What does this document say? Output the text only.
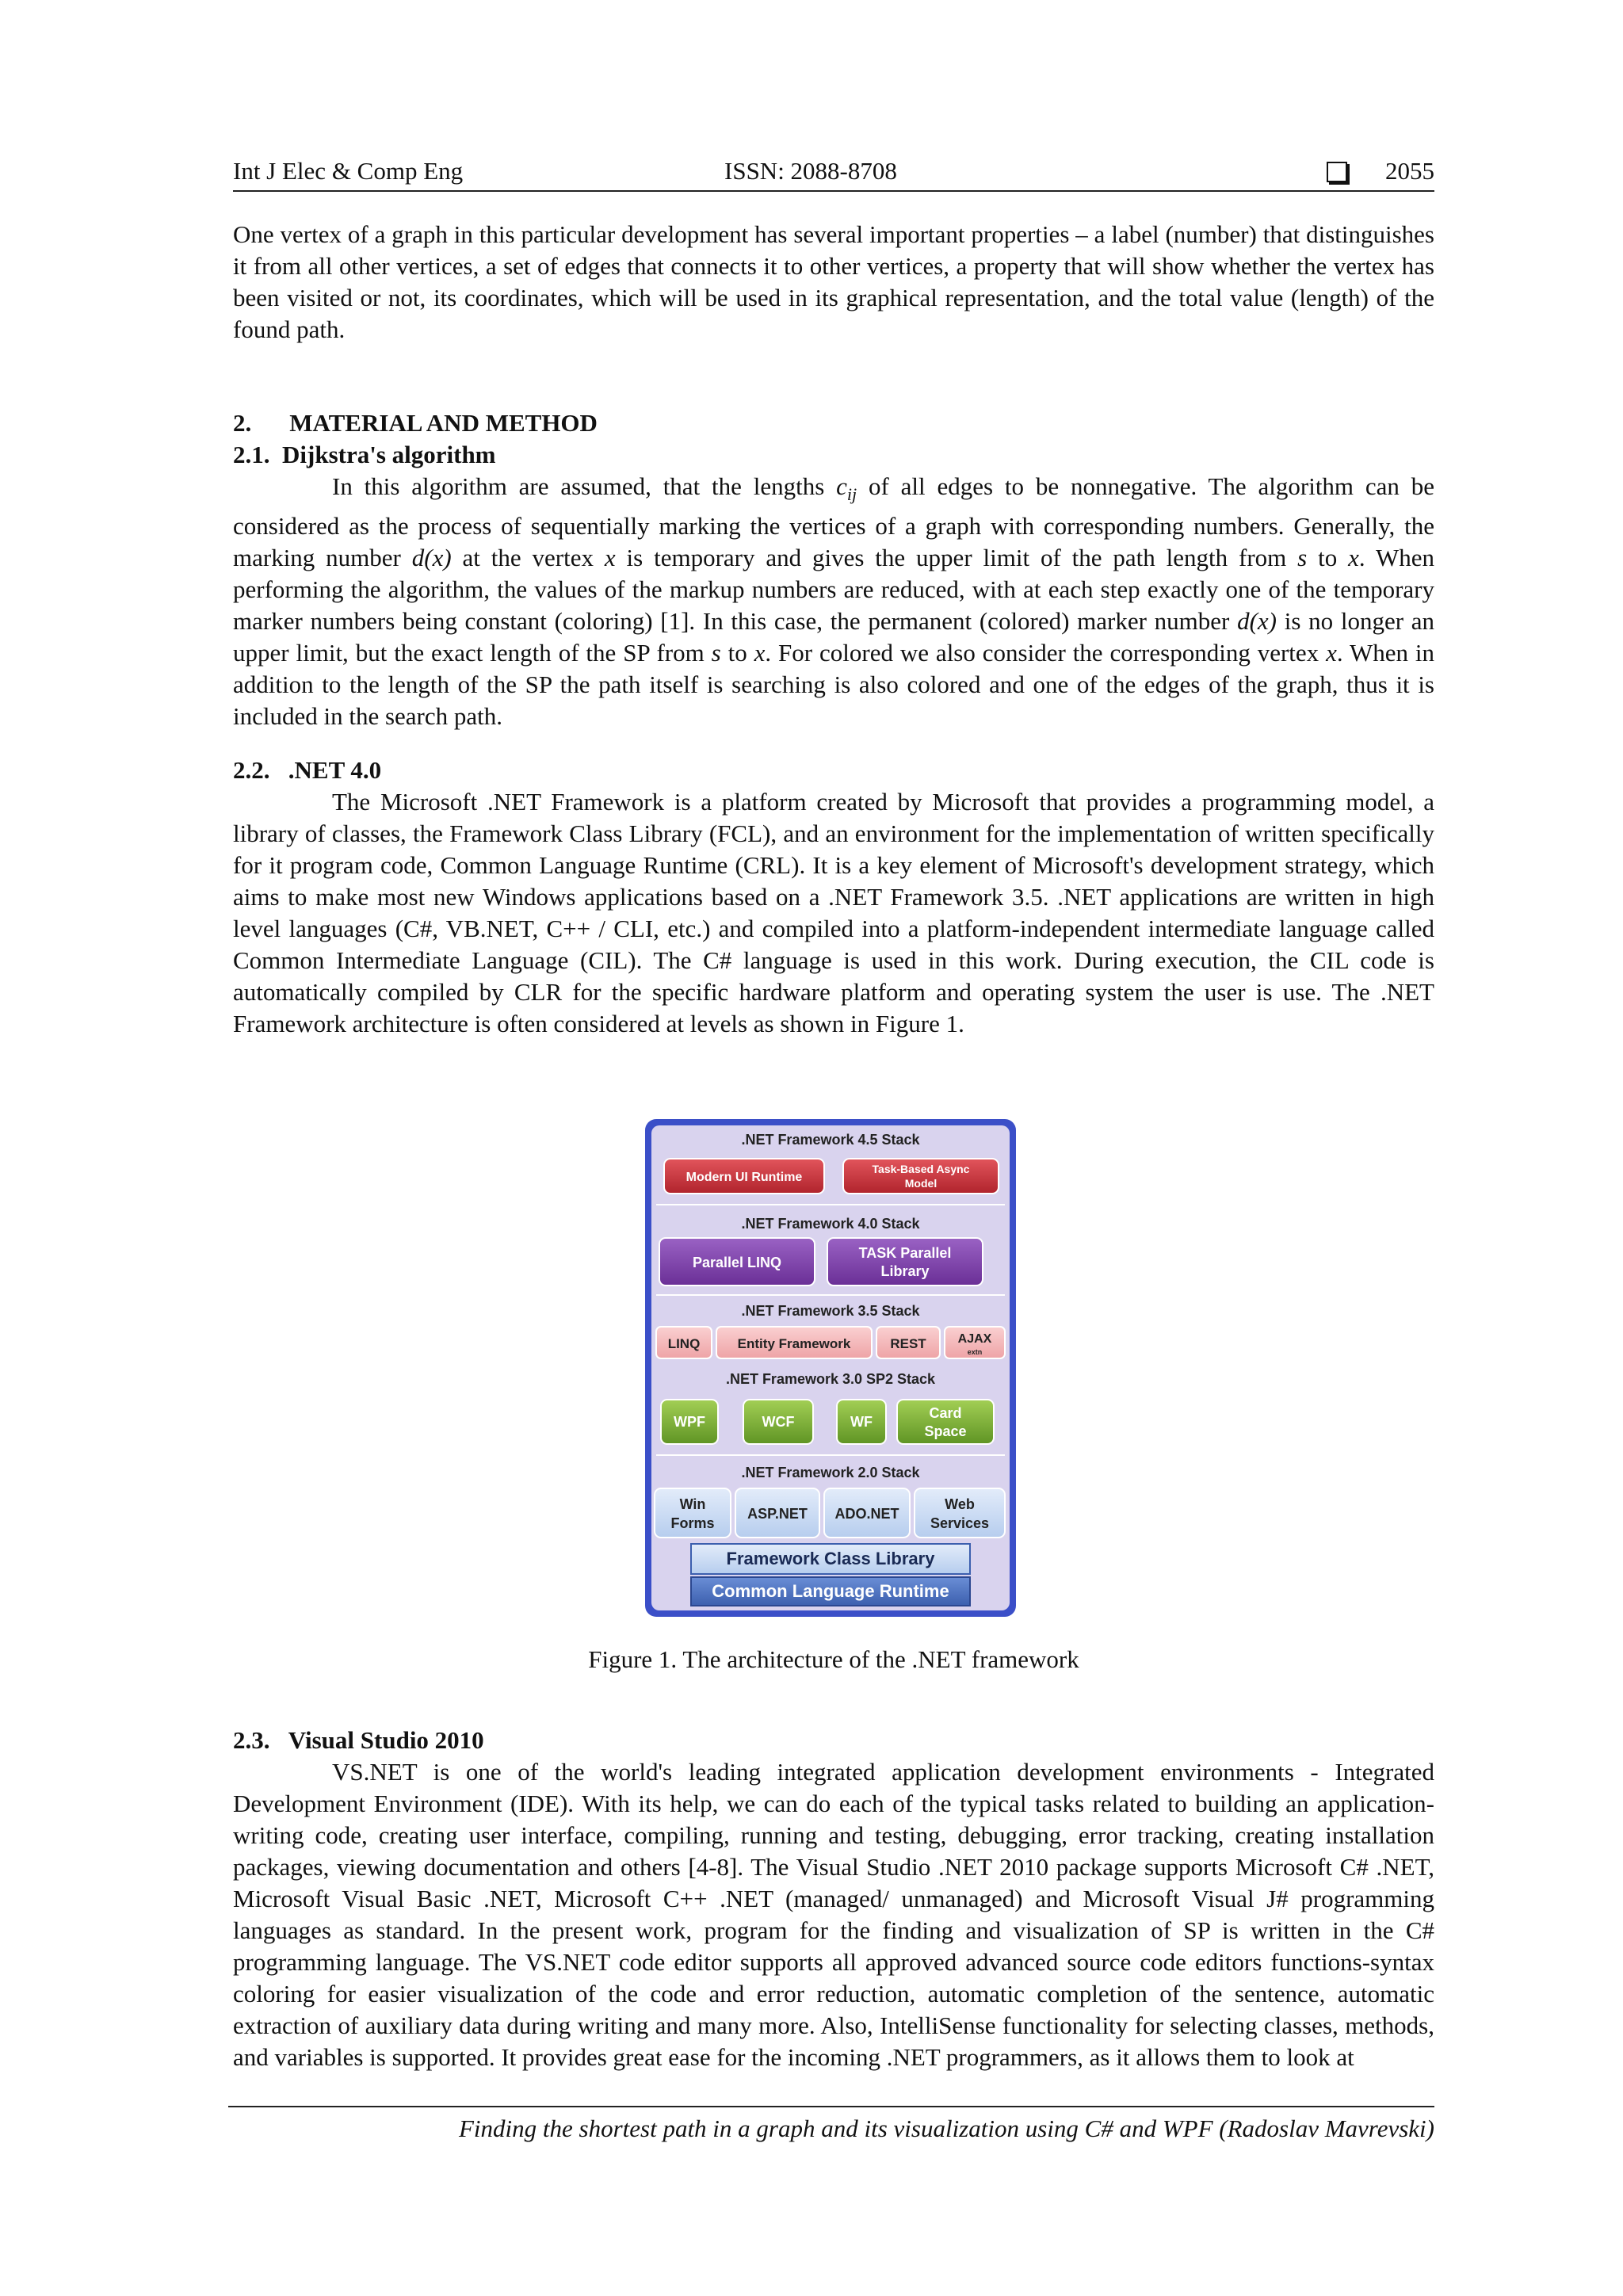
Int J Elec & Comp Eng	ISSN: 2088-8708	2055

One vertex of a graph in this particular development has several important properties – a label (number) that distinguishes it from all other vertices, a set of edges that connects it to other vertices, a property that will show whether the vertex has been visited or not, its coordinates, which will be used in its graphical representation, and the total value (length) of the found path.

2. MATERIAL AND METHOD
2.1. Dijkstra's algorithm

In this algorithm are assumed, that the lengths $c_{ij}$ of all edges to be nonnegative. The algorithm can be considered as the process of sequentially marking the vertices of a graph with corresponding numbers. Generally, the marking number d(x) at the vertex x is temporary and gives the upper limit of the path length from s to x. When performing the algorithm, the values of the markup numbers are reduced, with at each step exactly one of the temporary marker numbers being constant (coloring) [1]. In this case, the permanent (colored) marker number d(x) is no longer an upper limit, but the exact length of the SP from s to x. For colored we also consider the corresponding vertex x. When in addition to the length of the SP the path itself is searching is also colored and one of the edges of the graph, thus it is included in the search path.

2.2. .NET 4.0

The Microsoft .NET Framework is a platform created by Microsoft that provides a programming model, a library of classes, the Framework Class Library (FCL), and an environment for the implementation of written specifically for it program code, Common Language Runtime (CRL). It is a key element of Microsoft's development strategy, which aims to make most new Windows applications based on a .NET Framework 3.5. .NET applications are written in high level languages (C#, VB.NET, C++ / CLI, etc.) and compiled into a platform-independent intermediate language called Common Intermediate Language (CIL). The C# language is used in this work. During execution, the CIL code is automatically compiled by CLR for the specific hardware platform and operating system the user is use. The .NET Framework architecture is often considered at levels as shown in Figure 1.

.NET Framework 4.5 Stack
Modern UI Runtime
Task-Based Async
Model
.NET Framework 4.0 Stack
Parallel LINQ
TASK Parallel
Library
.NET Framework 3.5 Stack
LINQ	Entity Framework	REST AJAX
extn
.NET Framework 3.0 SP2 Stack
WPF	WCF	WF
Card
Space
.NET Framework 2.0 Stack
Win
Forms
ASP.NET ADO.NET
Web
Services
Framework Class Library
Common Language Runtime
Figure 1. The architecture of the .NET framework
2.3. Visual Studio 2010

VS.NET is one of the world's leading integrated application development environments - Integrated Development Environment (IDE). With its help, we can do each of the typical tasks related to building an application-writing code, creating user interface, compiling, running and testing, debugging, error tracking, creating installation packages, viewing documentation and others [4-8]. The Visual Studio .NET 2010 package supports Microsoft C# .NET, Microsoft Visual Basic .NET, Microsoft C++ .NET (managed/ unmanaged) and Microsoft Visual J# programming languages as standard. In the present work, program for the finding and visualization of SP is written in the C# programming language. The VS.NET code editor supports all approved advanced source code editors functions-syntax coloring for easier visualization of the code and error reduction, automatic completion of the sentence, automatic extraction of auxiliary data during writing and many more. Also, IntelliSense functionality for selecting classes, methods, and variables is supported. It provides great ease for the incoming .NET programmers, as it allows them to look at

Finding the shortest path in a graph and its visualization using C# and WPF (Radoslav Mavrevski)
